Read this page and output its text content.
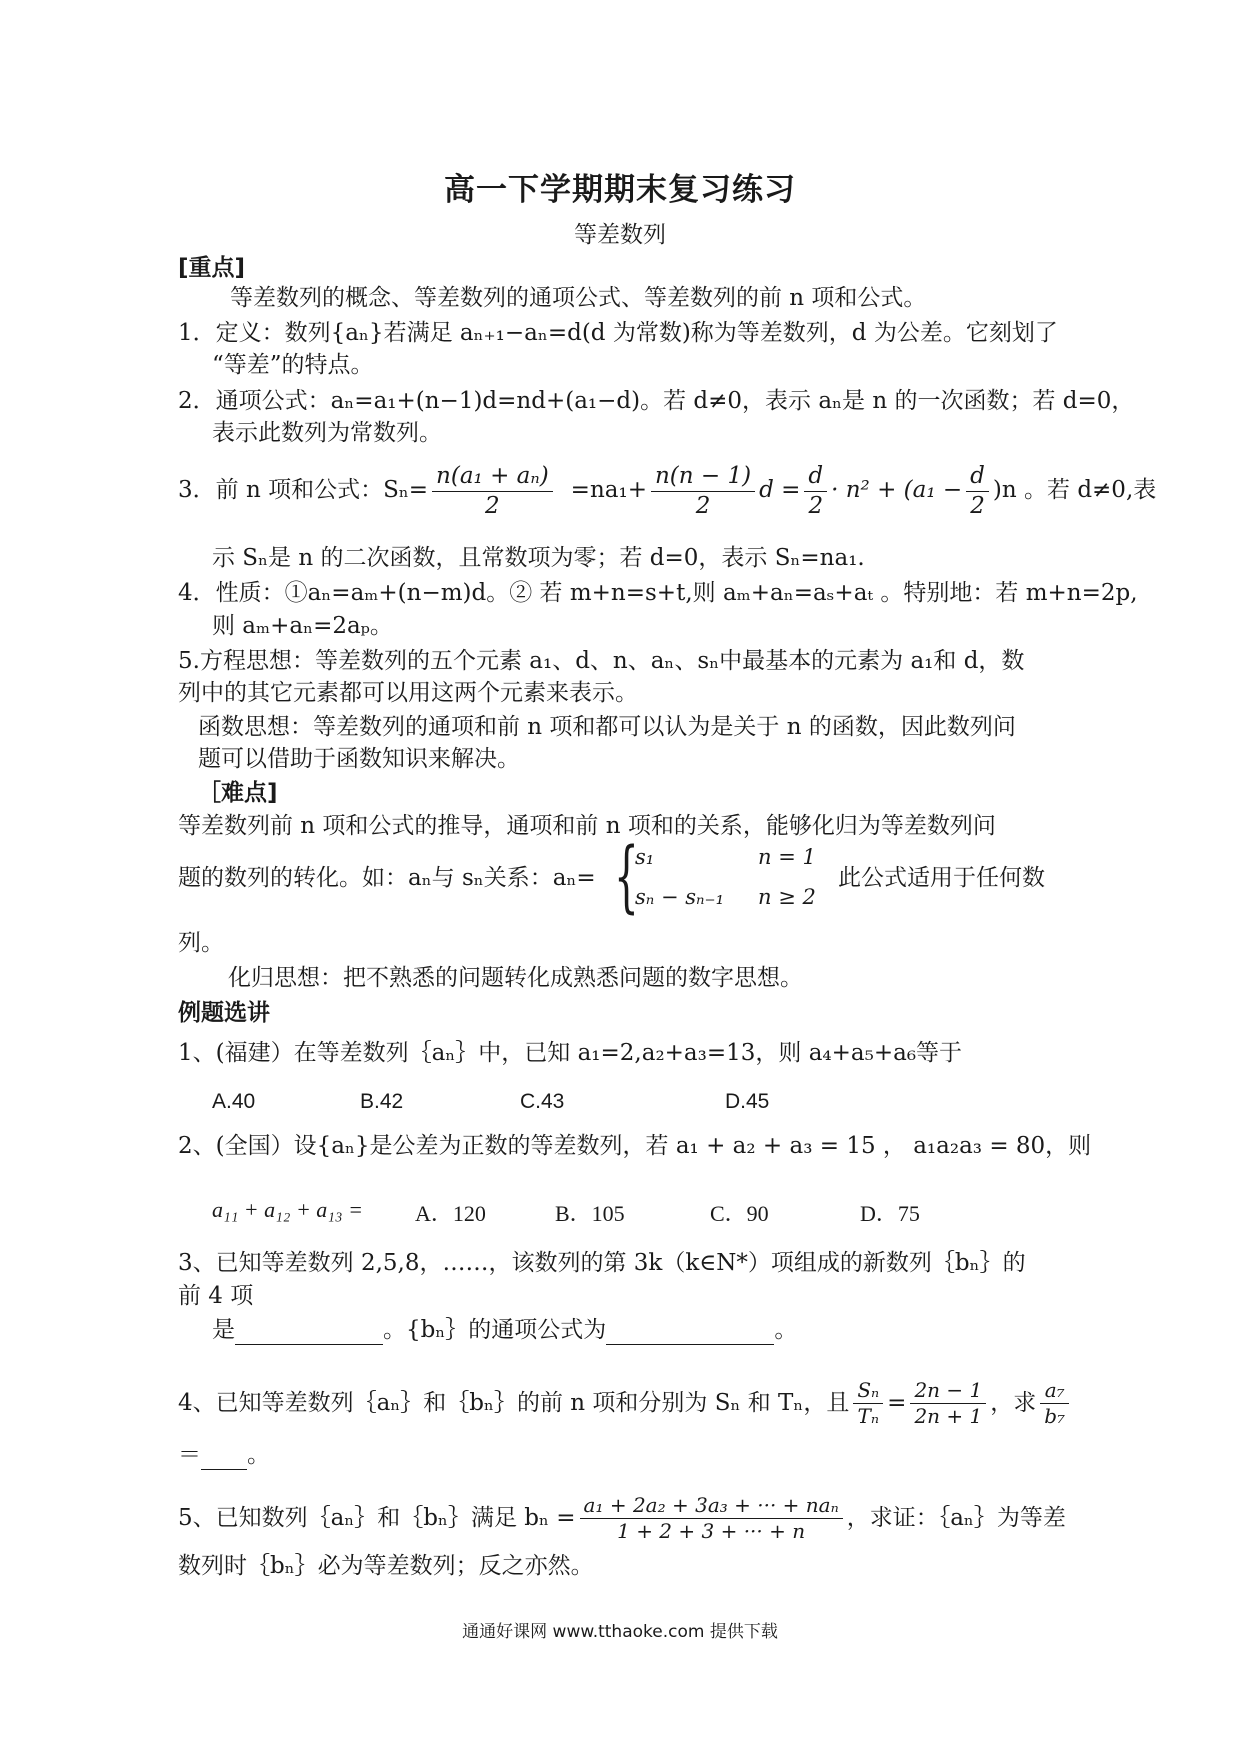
高一下学期期末复习练习
等差数列
[重点]
等差数列的概念、等差数列的通项公式、等差数列的前 n 项和公式。
1．定义：数列{aₙ}若满足 aₙ₊₁−aₙ=d(d 为常数)称为等差数列，d 为公差。它刻划了
“等差”的特点。
2．通项公式：aₙ=a₁+(n−1)d=nd+(a₁−d)。若 d≠0，表示 aₙ是 n 的一次函数；若 d=0，
表示此数列为常数列。
3．前 n 项和公式：$S_n= \frac{\text{n(a₁ + aₙ)}}{2} =na_1+ \frac{n(n - 1)}{2}$ $d = \frac{d}{2} \cdot n^2 + (a_1 - \frac{d}{2} )n$ 。若 d≠0,表
示 Sₙ是 n 的二次函数，且常数项为零；若 d=0，表示 Sₙ=na₁.
4．性质：①aₙ=aₘ+(n−m)d。② 若 m+n=s+t,则 aₘ+aₙ=aₛ+aₜ 。特别地：若 m+n=2p,
则 aₘ+aₙ=2aₚ。
5.方程思想：等差数列的五个元素 a₁、d、n、aₙ、sₙ中最基本的元素为 a₁和 d，数
列中的其它元素都可以用这两个元素来表示。
函数思想：等差数列的通项和前 n 项和都可以认为是关于 n 的函数，因此数列问
题可以借助于函数知识来解决。
［难点]
等差数列前 n 项和公式的推导，通项和前 n 项和的关系，能够化归为等差数列问
题的数列的转化。如：aₙ与 sₙ关系：aₙ= {
s₁	n = 1
sₙ − sₙ₋₁ n ≥ 2
此公式适用于任何数
列。
化归思想：把不熟悉的问题转化成熟悉问题的数字思想。
例题选讲
1、(福建）在等差数列｛aₙ｝中，已知 a₁=2,a₂+a₃=13，则 a₄+a₅+a₆等于
A.40	B.42	C.43	D.45
2、(全国）设{aₙ}是公差为正数的等差数列，若 a₁ + a₂ + a₃ = 15 ， a₁a₂a₃ = 80，则
a₁₁ + a₁₂ + a₁₃ = A．120	B．105	C．90	D．75
3、已知等差数列 2,5,8，……，该数列的第 3k（k∈N*）项组成的新数列｛bₙ｝的
前 4 项
是	。{bₙ｝的通项公式为	。
4、已知等差数列｛aₙ｝和｛bₙ｝的前 n 项和分别为 Sₙ 和 Tₙ，且 $\frac{\text{Sₙ}}{\text{Tₙ}} = \frac{2n - 1}{2n + 1}$ ，求 $\frac{\text{a₇}}{\text{b₇}}$
＝ 。
5、已知数列｛aₙ｝和｛bₙ｝满足 $b_n = \frac{\text{a₁ + 2a₂ + 3a₃ + ··· + naₙ}}{1 + 2 + 3 + \cdot\cdot\cdot + n}$ ，求证：｛aₙ｝为等差
数列时｛bₙ｝必为等差数列；反之亦然。
通通好课网 www.tthaoke.com 提供下载
